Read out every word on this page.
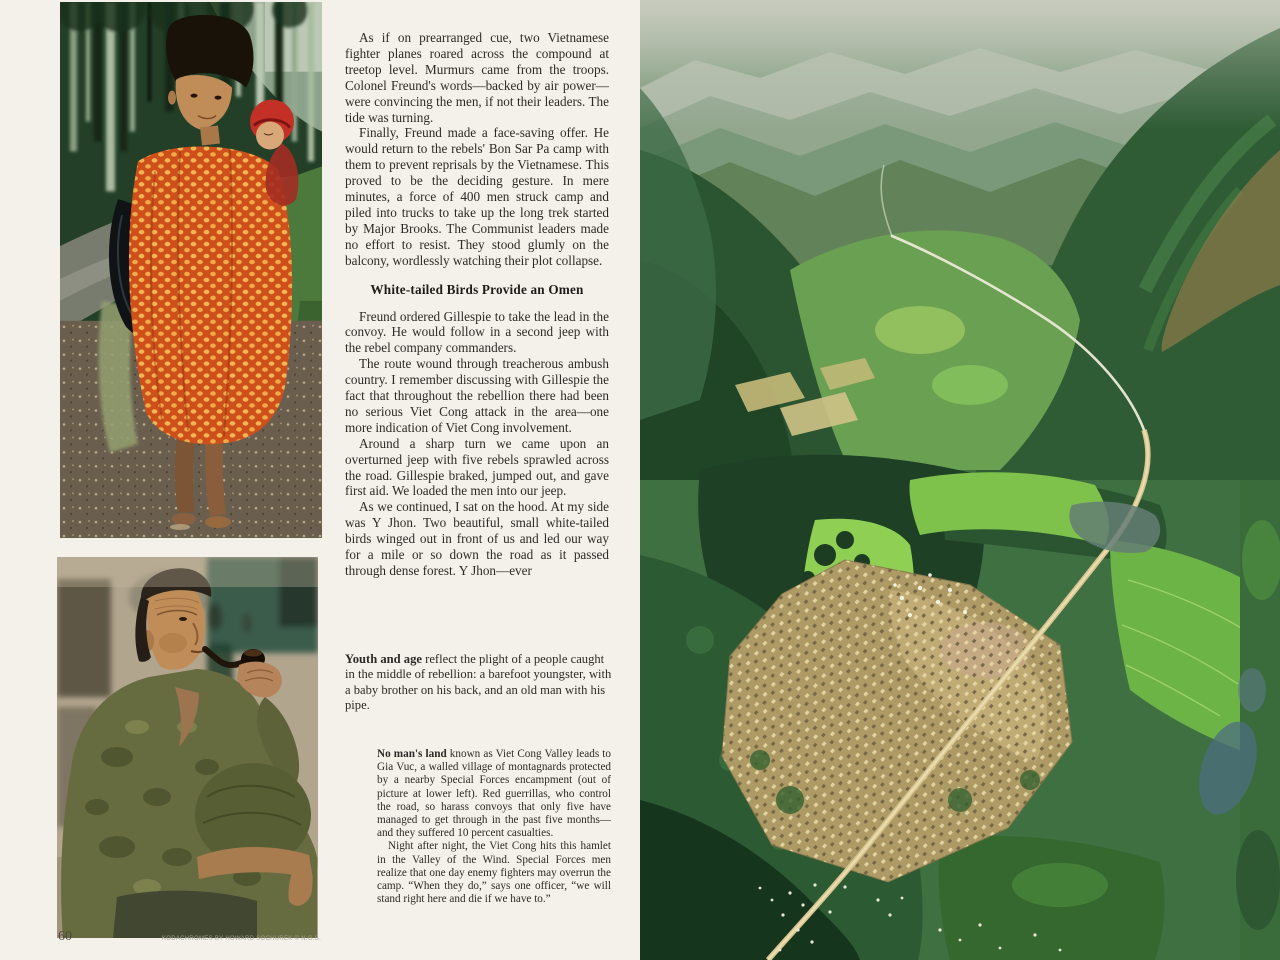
KODACHROMES BY HOWARD SOCHUREK © N.G.S.
60

As if on prearranged cue, two Vietnamese fighter planes roared across the compound at treetop level. Murmurs came from the troops. Colonel Freund's words—backed by air power—were convincing the men, if not their leaders. The tide was turning.

Finally, Freund made a face-saving offer. He would return to the rebels' Bon Sar Pa camp with them to prevent reprisals by the Vietnamese. This proved to be the deciding gesture. In mere minutes, a force of 400 men struck camp and piled into trucks to take up the long trek started by Major Brooks. The Communist leaders made no effort to resist. They stood glumly on the balcony, wordlessly watching their plot collapse.

White-tailed Birds Provide an Omen

Freund ordered Gillespie to take the lead in the convoy. He would follow in a second jeep with the rebel company commanders.

The route wound through treacherous ambush country. I remember discussing with Gillespie the fact that throughout the rebellion there had been no serious Viet Cong attack in the area—one more indication of Viet Cong involvement.

Around a sharp turn we came upon an overturned jeep with five rebels sprawled across the road. Gillespie braked, jumped out, and gave first aid. We loaded the men into our jeep.

As we continued, I sat on the hood. At my side was Y Jhon. Two beautiful, small white-tailed birds winged out in front of us and led our way for a mile or so down the road as it passed through dense forest. Y Jhon—ever

Youth and age reflect the plight of a people caught in the middle of rebellion: a barefoot youngster, with a baby brother on his back, and an old man with his pipe.

No man's land known as Viet Cong Valley leads to Gia Vuc, a walled village of montagnards protected by a nearby Special Forces encampment (out of picture at lower left). Red guerrillas, who control the road, so harass convoys that only five have managed to get through in the past five months—and they suffered 10 percent casualties.

Night after night, the Viet Cong hits this hamlet in the Valley of the Wind. Special Forces men realize that one day enemy fighters may overrun the camp. “When they do,” says one officer, “we will stand right here and die if we have to.”
